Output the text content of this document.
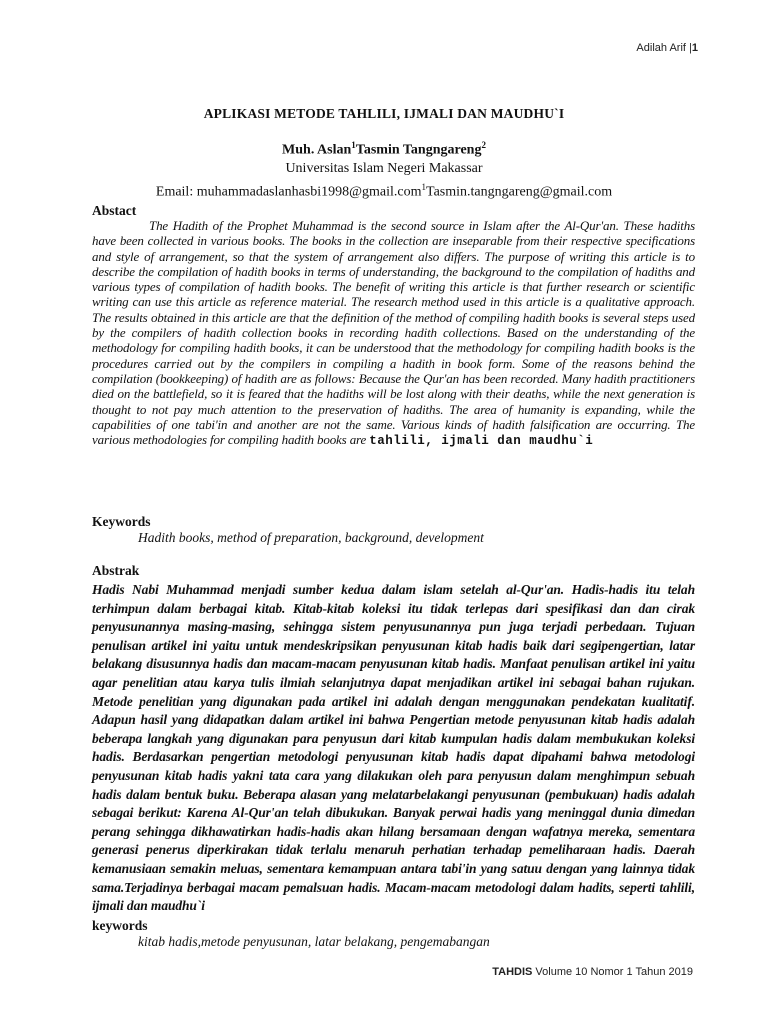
Adilah Arif |1
APLIKASI METODE TAHLILI, IJMALI DAN MAUDHU`I
Muh. Aslan$^1$Tasmin Tangngareng$^2$
Universitas Islam Negeri Makassar
Email: muhammadaslanhasbi1998@gmail.com$^1$Tasmin.tangngareng@gmail.com
Abstact
The Hadith of the Prophet Muhammad is the second source in Islam after the Al-Qur'an. These hadiths have been collected in various books. The books in the collection are inseparable from their respective specifications and style of arrangement, so that the system of arrangement also differs. The purpose of writing this article is to describe the compilation of hadith books in terms of understanding, the background to the compilation of hadiths and various types of compilation of hadith books. The benefit of writing this article is that further research or scientific writing can use this article as reference material. The research method used in this article is a qualitative approach. The results obtained in this article are that the definition of the method of compiling hadith books is several steps used by the compilers of hadith collection books in recording hadith collections. Based on the understanding of the methodology for compiling hadith books, it can be understood that the methodology for compiling hadith books is the procedures carried out by the compilers in compiling a hadith in book form. Some of the reasons behind the compilation (bookkeeping) of hadith are as follows: Because the Qur'an has been recorded. Many hadith practitioners died on the battlefield, so it is feared that the hadiths will be lost along with their deaths, while the next generation is thought to not pay much attention to the preservation of hadiths. The area of humanity is expanding, while the capabilities of one tabi'in and another are not the same. Various kinds of hadith falsification are occurring. The various methodologies for compiling hadith books are tahlili, ijmali dan maudhu`i
Keywords
Hadith books, method of preparation, background, development
Abstrak
Hadis Nabi Muhammad menjadi sumber kedua dalam islam setelah al-Qur'an. Hadis-hadis itu telah terhimpun dalam berbagai kitab. Kitab-kitab koleksi itu tidak terlepas dari spesifikasi dan dan cirak penyusunannya masing-masing, sehingga sistem penyusunannya pun juga terjadi perbedaan. Tujuan penulisan artikel ini yaitu untuk mendeskripsikan penyusunan kitab hadis baik dari segipengertian, latar belakang disusunnya hadis dan macam-macam penyusunan kitab hadis. Manfaat penulisan artikel ini yaitu agar penelitian atau karya tulis ilmiah selanjutnya dapat menjadikan artikel ini sebagai bahan rujukan. Metode penelitian yang digunakan pada artikel ini adalah dengan menggunakan pendekatan kualitatif. Adapun hasil yang didapatkan dalam artikel ini bahwa Pengertian metode penyusunan kitab hadis adalah beberapa langkah yang digunakan para penyusun dari kitab kumpulan hadis dalam membukukan koleksi hadis. Berdasarkan pengertian metodologi penyusunan kitab hadis dapat dipahami bahwa metodologi penyusunan kitab hadis yakni tata cara yang dilakukan oleh para penyusun dalam menghimpun sebuah hadis dalam bentuk buku. Beberapa alasan yang melatarbelakangi penyusunan (pembukuan) hadis adalah sebagai berikut: Karena Al-Qur'an telah dibukukan. Banyak perwai hadis yang meninggal dunia dimedan perang sehingga dikhawatirkan hadis-hadis akan hilang bersamaan dengan wafatnya mereka, sementara generasi penerus diperkirakan tidak terlalu menaruh perhatian terhadap pemeliharaan hadis. Daerah kemanusiaan semakin meluas, sementara kemampuan antara tabi'in yang satuu dengan yang lainnya tidak sama.Terjadinya berbagai macam pemalsuan hadis. Macam-macam metodologi dalam hadits, seperti tahlili, ijmali dan maudhu`i
keywords
kitab hadis,metode penyusunan, latar belakang, pengemabangan
TAHDIS Volume 10 Nomor 1 Tahun 2019
